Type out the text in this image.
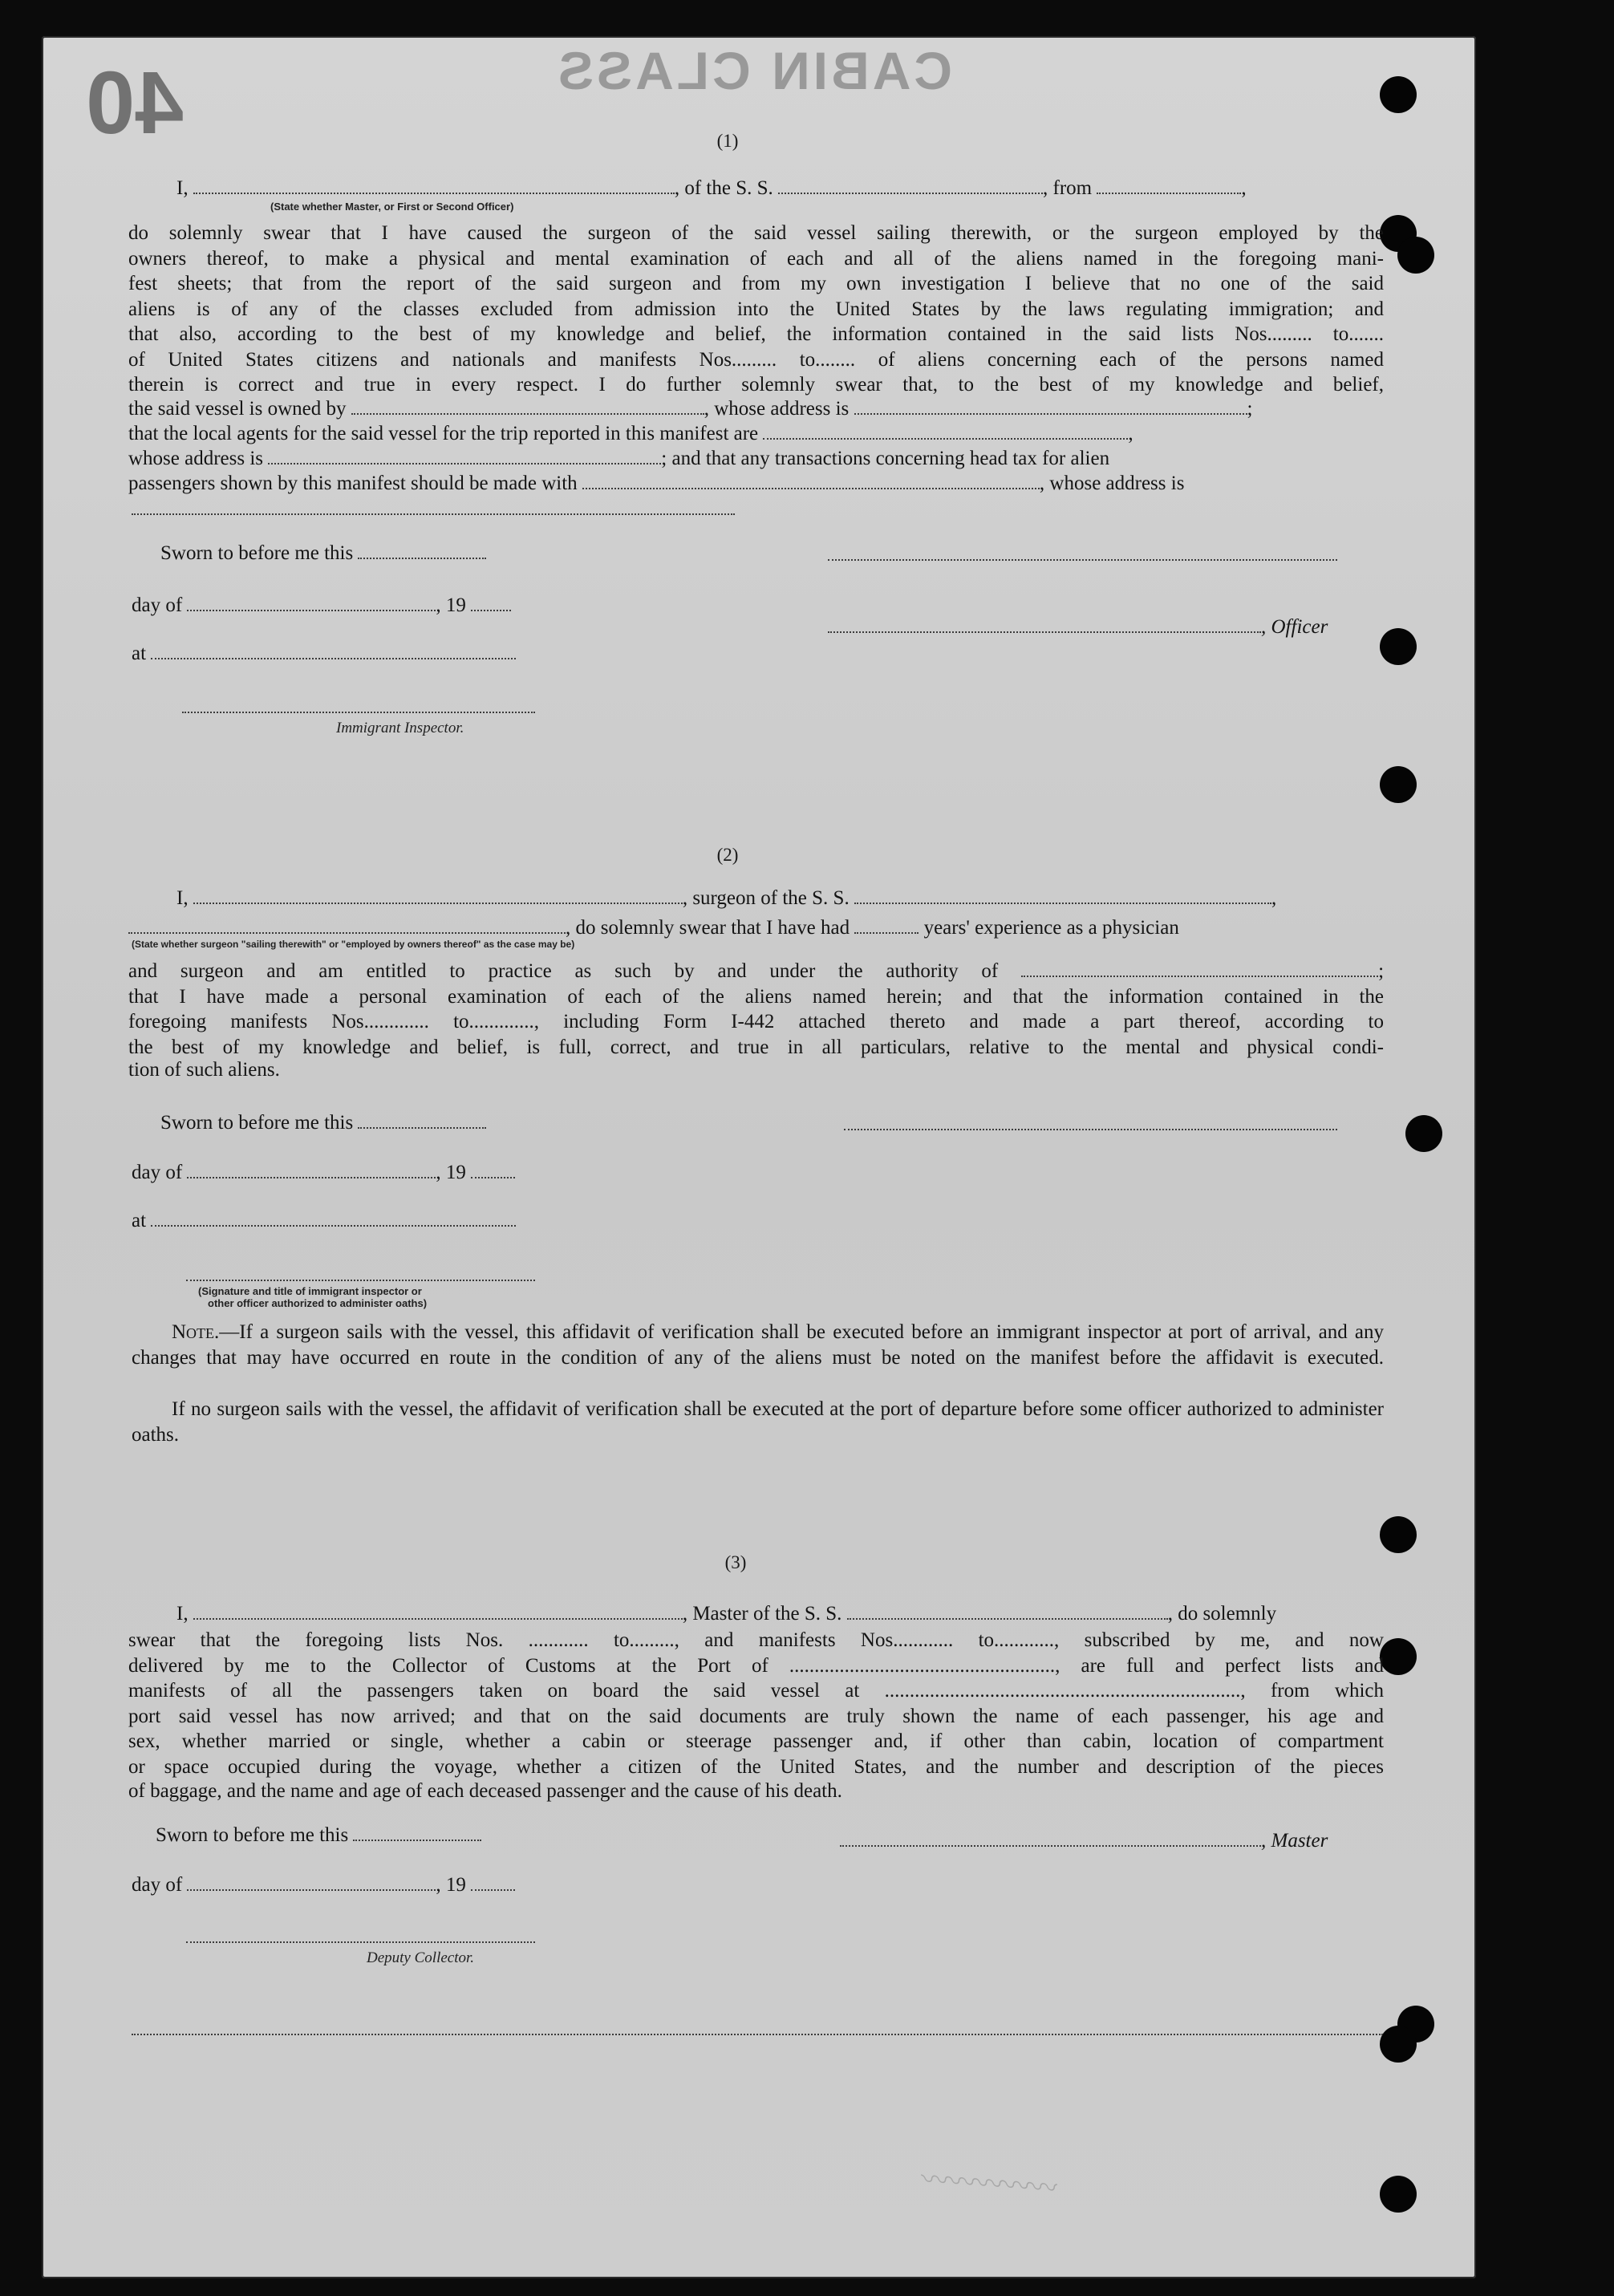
CABIN CLASS
40	(1)
I,	, of the S. S.	, from	,
(State whether Master, or First or Second Officer)
do solemnly swear that I have caused the surgeon of the said vessel sailing therewith, or the surgeon employed by the
owners thereof, to make a physical and mental examination of each and all of the aliens named in the foregoing mani-
fest sheets; that from the report of the said surgeon and from my own investigation I believe that no one of the said
aliens is of any of the classes excluded from admission into the United States by the laws regulating immigration; and
that also, according to the best of my knowledge and belief, the information contained in the said lists Nos......... to.......
of United States citizens and nationals and manifests Nos......... to........ of aliens concerning each of the persons named
therein is correct and true in every respect. I do further solemnly swear that, to the best of my knowledge and belief,
the said vessel is owned by	, whose address is	;
that the local agents for the said vessel for the trip reported in this manifest are	,
whose address is	; and that any transactions concerning head tax for alien
passengers shown by this manifest should be made with	, whose address is
Sworn to before me this
day of	, 19
, Officer
at
Immigrant Inspector.
(2)
I,	, surgeon of the S. S.	,
, do solemnly swear that I have had	years' experience as a physician
(State whether surgeon "sailing therewith" or "employed by owners thereof" as the case may be)
and surgeon and am entitled to practice as such by and under the authority of	;
that I have made a personal examination of each of the aliens named herein; and that the information contained in the
foregoing manifests Nos............. to............., including Form I-442 attached thereto and made a part thereof, according to
the best of my knowledge and belief, is full, correct, and true in all particulars, relative to the mental and physical condi-
tion of such aliens.
Sworn to before me this
day of	, 19
at
(Signature and title of immigrant inspector or
other officer authorized to administer oaths)
Note.—If a surgeon sails with the vessel, this affidavit of verification shall be executed before an immigrant inspector at port of arrival, and any changes that may have occurred en route in the condition of any of the aliens must be noted on the manifest before the affidavit is executed.
If no surgeon sails with the vessel, the affidavit of verification shall be executed at the port of departure before some officer authorized to administer oaths.
(3)
I,	, Master of the S. S.	, do solemnly
swear that the foregoing lists Nos. ............ to........., and manifests Nos............ to............, subscribed by me, and now
delivered by me to the Collector of Customs at the Port of ....................................................., are full and perfect lists and
manifests of all the passengers taken on board the said vessel at ......................................................................., from which
port said vessel has now arrived; and that on the said documents are truly shown the name of each passenger, his age and
sex, whether married or single, whether a cabin or steerage passenger and, if other than cabin, location of compartment
or space occupied during the voyage, whether a citizen of the United States, and the number and description of the pieces
of baggage, and the name and age of each deceased passenger and the cause of his death.
Sworn to before me this	, Master
day of	, 19
Deputy Collector.
〰〰〰〰〰
